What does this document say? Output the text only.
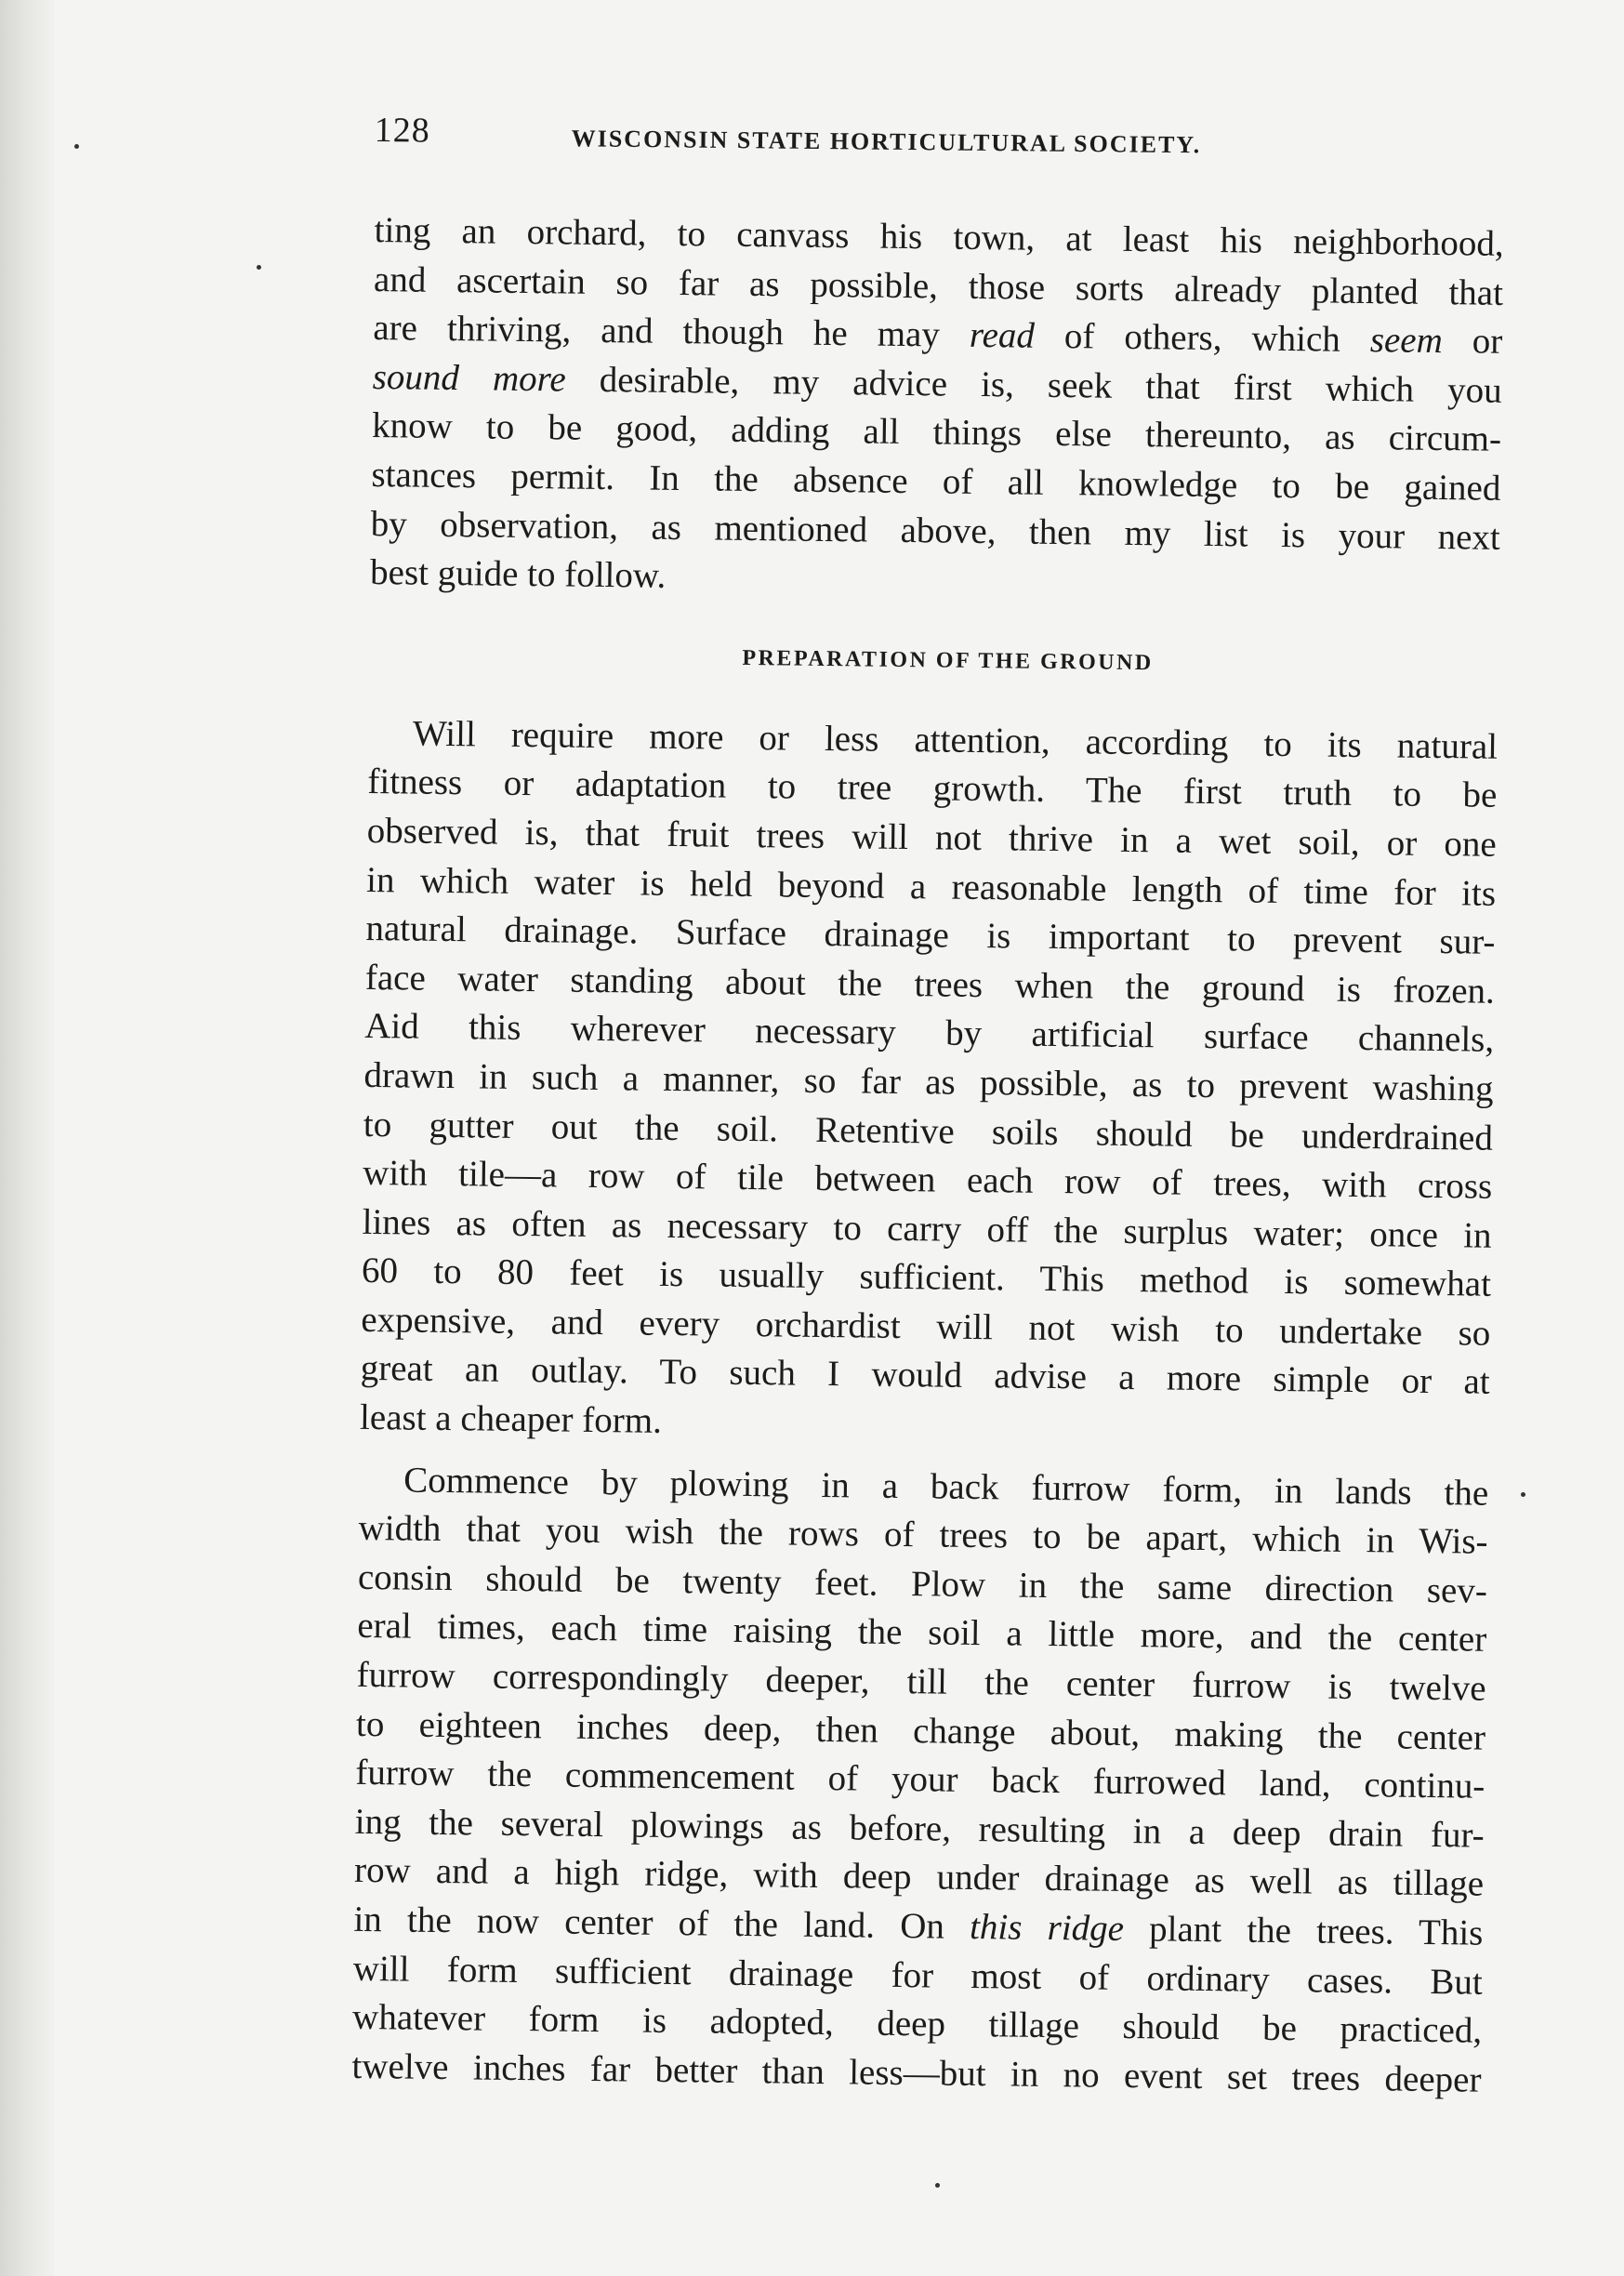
128	WISCONSIN STATE HORTICULTURAL SOCIETY.
ting an orchard, to canvass his town, at least his neighborhood,
and ascertain so far as possible, those sorts already planted that
are thriving, and though he may read of others, which seem or
sound more desirable, my advice is, seek that first which you
know to be good, adding all things else thereunto, as circum-
stances permit. In the absence of all knowledge to be gained
by observation, as mentioned above, then my list is your next
best guide to follow.
PREPARATION OF THE GROUND
Will require more or less attention, according to its natural
fitness or adaptation to tree growth. The first truth to be
observed is, that fruit trees will not thrive in a wet soil, or one
in which water is held beyond a reasonable length of time for its
natural drainage. Surface drainage is important to prevent sur-
face water standing about the trees when the ground is frozen.
Aid this wherever necessary by artificial surface channels,
drawn in such a manner, so far as possible, as to prevent washing
to gutter out the soil. Retentive soils should be underdrained
with tile—a row of tile between each row of trees, with cross
lines as often as necessary to carry off the surplus water; once in
60 to 80 feet is usually sufficient. This method is somewhat
expensive, and every orchardist will not wish to undertake so
great an outlay. To such I would advise a more simple or at
least a cheaper form.
Commence by plowing in a back furrow form, in lands the
width that you wish the rows of trees to be apart, which in Wis-
consin should be twenty feet. Plow in the same direction sev-
eral times, each time raising the soil a little more, and the center
furrow correspondingly deeper, till the center furrow is twelve
to eighteen inches deep, then change about, making the center
furrow the commencement of your back furrowed land, continu-
ing the several plowings as before, resulting in a deep drain fur-
row and a high ridge, with deep under drainage as well as tillage
in the now center of the land. On this ridge plant the trees. This
will form sufficient drainage for most of ordinary cases. But
whatever form is adopted, deep tillage should be practiced,
twelve inches far better than less—but in no event set trees deeper
